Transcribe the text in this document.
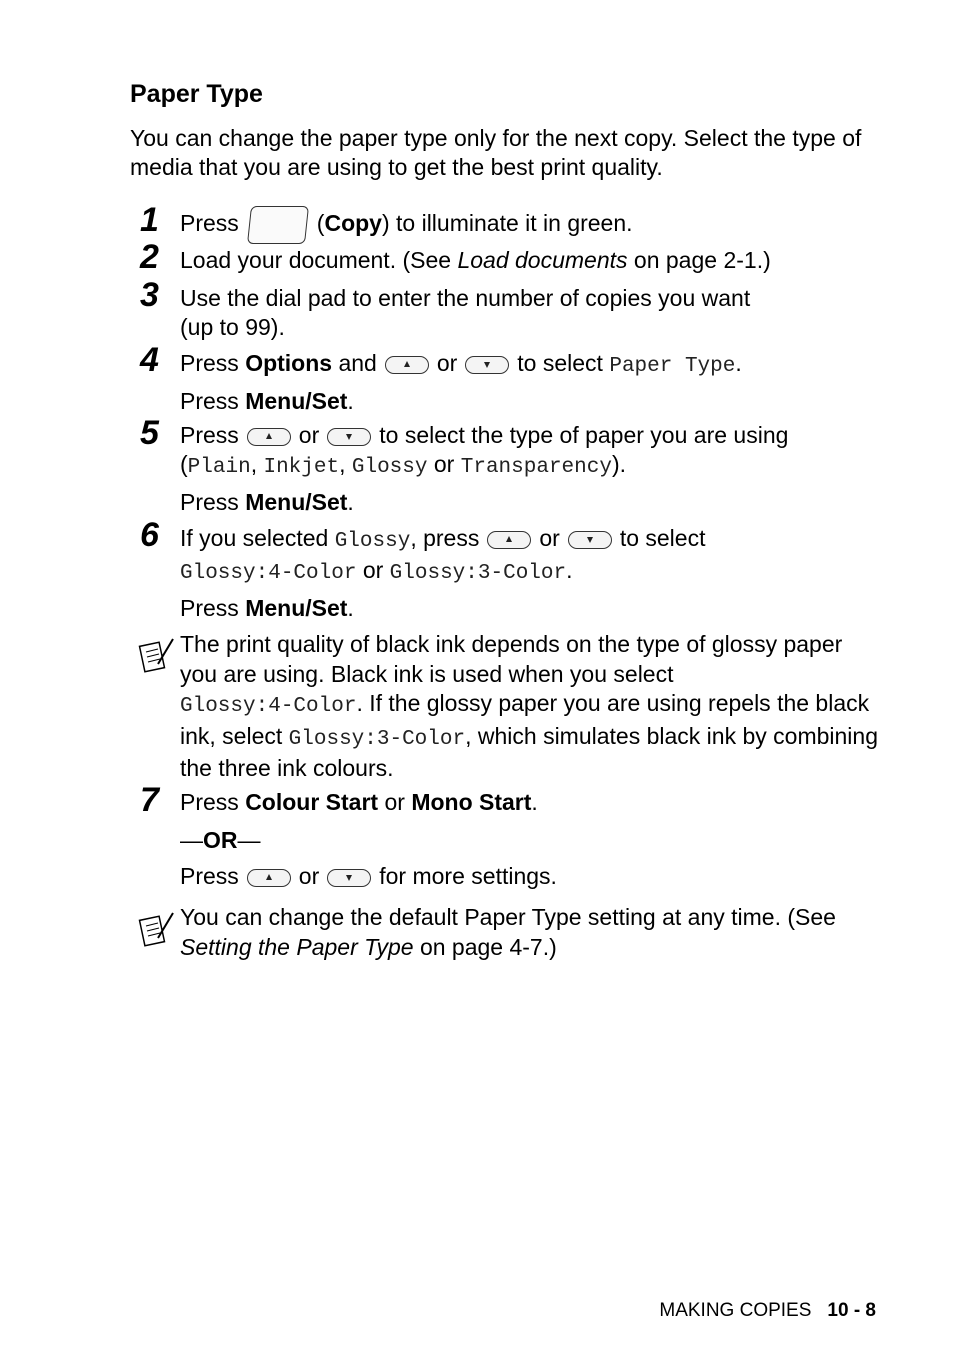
Paper Type
You can change the paper type only for the next copy. Select the type of media that you are using to get the best print quality.
1 Press	(Copy) to illuminate it in green.
2 Load your document. (See Load documents on page 2-1.)
3 Use the dial pad to enter the number of copies you want
(up to 99).
4 Press Options and	or	to select Paper Type.
Press Menu/Set.
5 Press	or	to select the type of paper you are using
(Plain, Inkjet, Glossy or Transparency).
Press Menu/Set.
6 If you selected Glossy, press	or	to select
Glossy:4-Color or Glossy:3-Color.
Press Menu/Set.
The print quality of black ink depends on the type of glossy paper you are using. Black ink is used when you select
Glossy:4-Color. If the glossy paper you are using repels the black ink, select Glossy:3-Color, which simulates black ink by combining the three ink colours.
7 Press Colour Start or Mono Start.
—OR—
Press	or	for more settings.
You can change the default Paper Type setting at any time. (See Setting the Paper Type on page 4-7.)
MAKING COPIES 10 - 8
